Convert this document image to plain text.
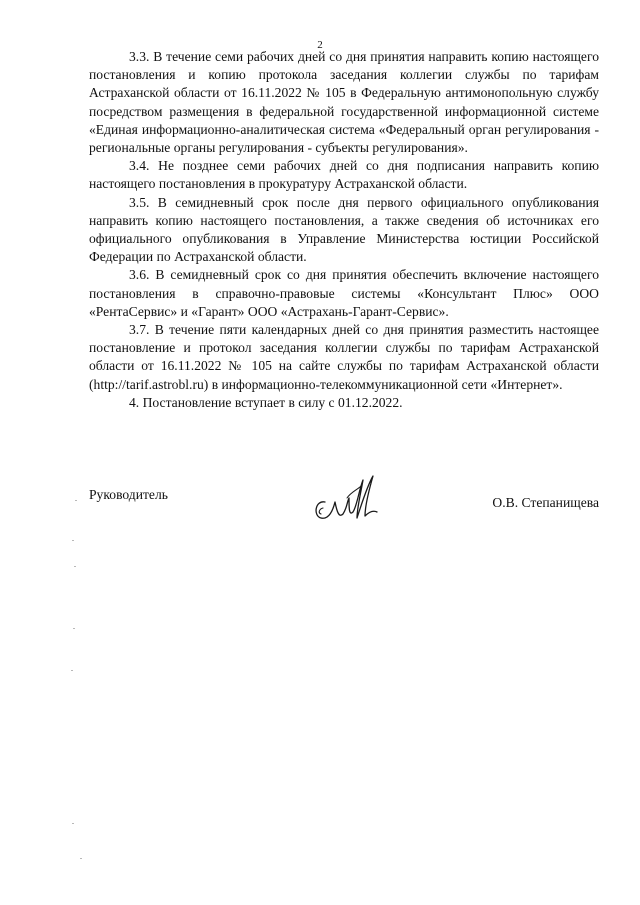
2

3.3. В течение семи рабочих дней со дня принятия направить копию настоящего постановления и копию протокола заседания коллегии службы по тарифам Астраханской области от 16.11.2022 № 105 в Федеральную антимонопольную службу посредством размещения в федеральной государственной информационной системе «Единая информационно-аналитическая система «Федеральный орган регулирования - региональные органы регулирования - субъекты регулирования».

3.4. Не позднее семи рабочих дней со дня подписания направить копию настоящего постановления в прокуратуру Астраханской области.

3.5. В семидневный срок после дня первого официального опубликования направить копию настоящего постановления, а также сведения об источниках его официального опубликования в Управление Министерства юстиции Российской Федерации по Астраханской области.

3.6. В семидневный срок со дня принятия обеспечить включение настоящего постановления в справочно-правовые системы «Консультант Плюс» ООО «РентаСервис» и «Гарант» ООО «Астрахань-Гарант-Сервис».

3.7. В течение пяти календарных дней со дня принятия разместить настоящее постановление и протокол заседания коллегии службы по тарифам Астраханской области от 16.11.2022 № 105 на сайте службы по тарифам Астраханской области (http://tarif.astrobl.ru) в информационно-телекоммуникационной сети «Интернет».

4. Постановление вступает в силу с 01.12.2022.

Руководитель
О.В. Степанищева
